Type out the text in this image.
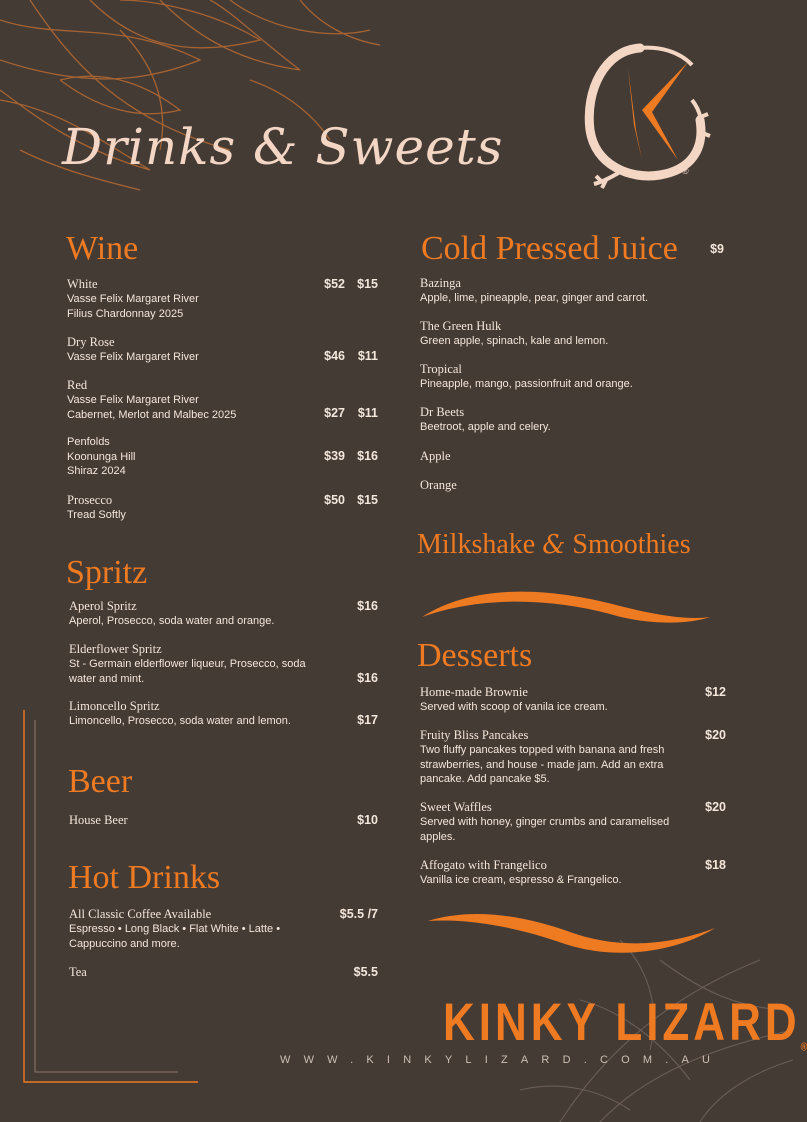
®
Drinks & Sweets
Wine
White
Vasse Felix Margaret River
Filius Chardonnay 2025
$52 $15
Dry Rose
Vasse Felix Margaret River	$46 $11
Red
Vasse Felix Margaret River
Cabernet, Merlot and Malbec 2025	$27 $11
Penfolds
Koonunga Hill
Shiraz 2024
$39 $16
Prosecco
Tread Softly
$50 $15
Spritz
Aperol Spritz
Aperol, Prosecco, soda water and orange.
$16
Elderflower Spritz
St - Germain elderflower liqueur, Prosecco, soda water and mint.	$16
Limoncello Spritz
Limoncello, Prosecco, soda water and lemon.	$17
Beer
House Beer	$10
Hot Drinks
All Classic Coffee Available
Espresso • Long Black • Flat White • Latte • Cappuccino and more.
$5.5 /7
Tea	$5.5
Cold Pressed Juice	$9
Bazinga
Apple, lime, pineapple, pear, ginger and carrot.
The Green Hulk
Green apple, spinach, kale and lemon.
Tropical
Pineapple, mango, passionfruit and orange.
Dr Beets
Beetroot, apple and celery.
Apple
Orange
Milkshake & Smoothies
Desserts
Home-made Brownie
Served with scoop of vanila ice cream.
$12
Fruity Bliss Pancakes
Two fluffy pancakes topped with banana and fresh strawberries, and house - made jam. Add an extra pancake. Add pancake $5.
$20
Sweet Waffles
Served with honey, ginger crumbs and caramelised apples.
$20
Affogato with Frangelico
Vanilla ice cream, espresso & Frangelico.
$18
KINKY LIZARD®
WWW.KINKYLIZARD.COM.AU
